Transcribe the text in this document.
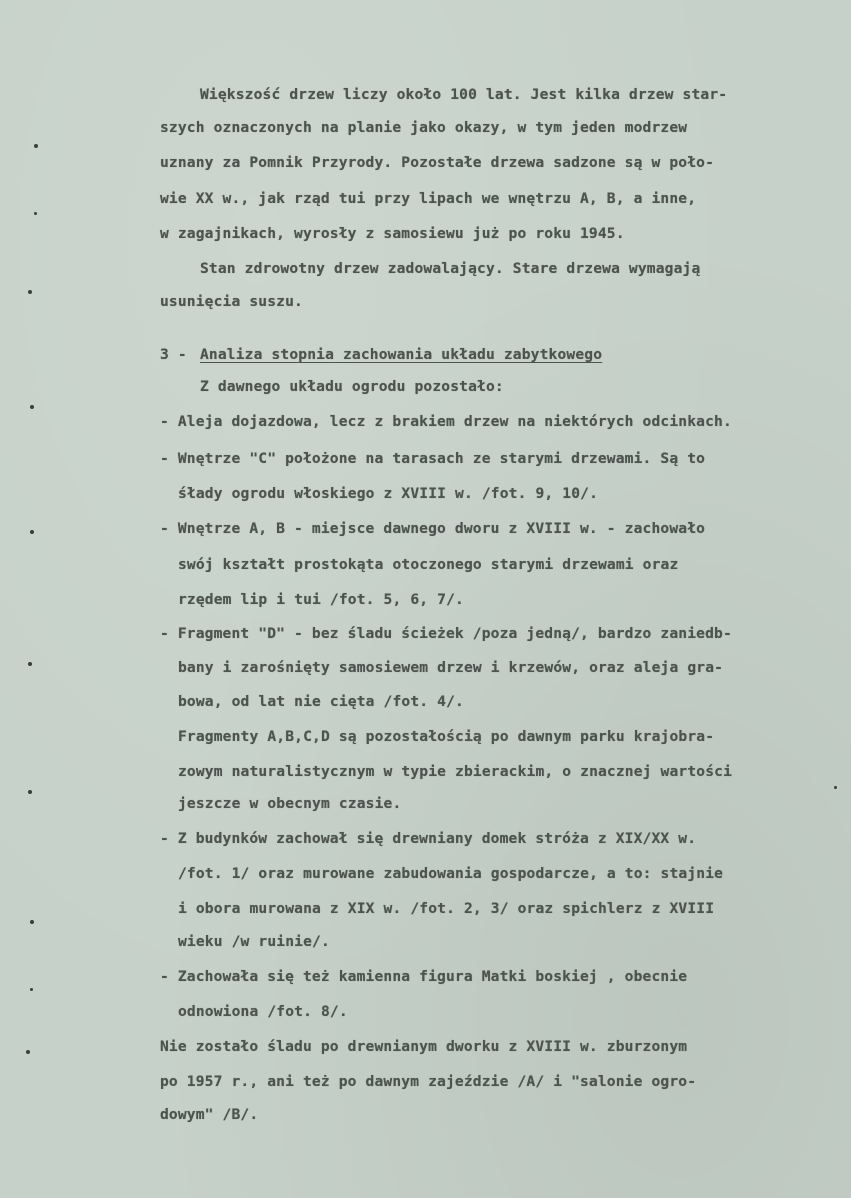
Większość drzew liczy około 100 lat. Jest kilka drzew star-
szych oznaczonych na planie jako okazy, w tym jeden modrzew
uznany za Pomnik Przyrody. Pozostałe drzewa sadzone są w poło-
wie XX w., jak rząd tui przy lipach we wnętrzu A, B, a inne,
w zagajnikach, wyrosły z samosiewu już po roku 1945.
Stan zdrowotny drzew zadowalający. Stare drzewa wymagają
usunięcia suszu.
3 - Analiza stopnia zachowania układu zabytkowego
Z dawnego układu ogrodu pozostało:
- Aleja dojazdowa, lecz z brakiem drzew na niektórych odcinkach.
- Wnętrze "C" położone na tarasach ze starymi drzewami. Są to
śłady ogrodu włoskiego z XVIII w. /fot. 9, 10/.
- Wnętrze A, B - miejsce dawnego dworu z XVIII w. - zachowało
swój kształt prostokąta otoczonego starymi drzewami oraz
rzędem lip i tui /fot. 5, 6, 7/.
- Fragment "D" - bez śladu ścieżek /poza jedną/, bardzo zaniedb-
bany i zarośnięty samosiewem drzew i krzewów, oraz aleja gra-
bowa, od lat nie cięta /fot. 4/.
Fragmenty A,B,C,D są pozostałością po dawnym parku krajobra-
zowym naturalistycznym w typie zbierackim, o znacznej wartości
jeszcze w obecnym czasie.
- Z budynków zachował się drewniany domek stróża z XIX/XX w.
/fot. 1/ oraz murowane zabudowania gospodarcze, a to: stajnie
i obora murowana z XIX w. /fot. 2, 3/ oraz spichlerz z XVIII
wieku /w ruinie/.
- Zachowała się też kamienna figura Matki boskiej , obecnie
odnowiona /fot. 8/.
Nie zostało śladu po drewnianym dworku z XVIII w. zburzonym
po 1957 r., ani też po dawnym zajeździe /A/ i "salonie ogro-
dowym" /B/.
